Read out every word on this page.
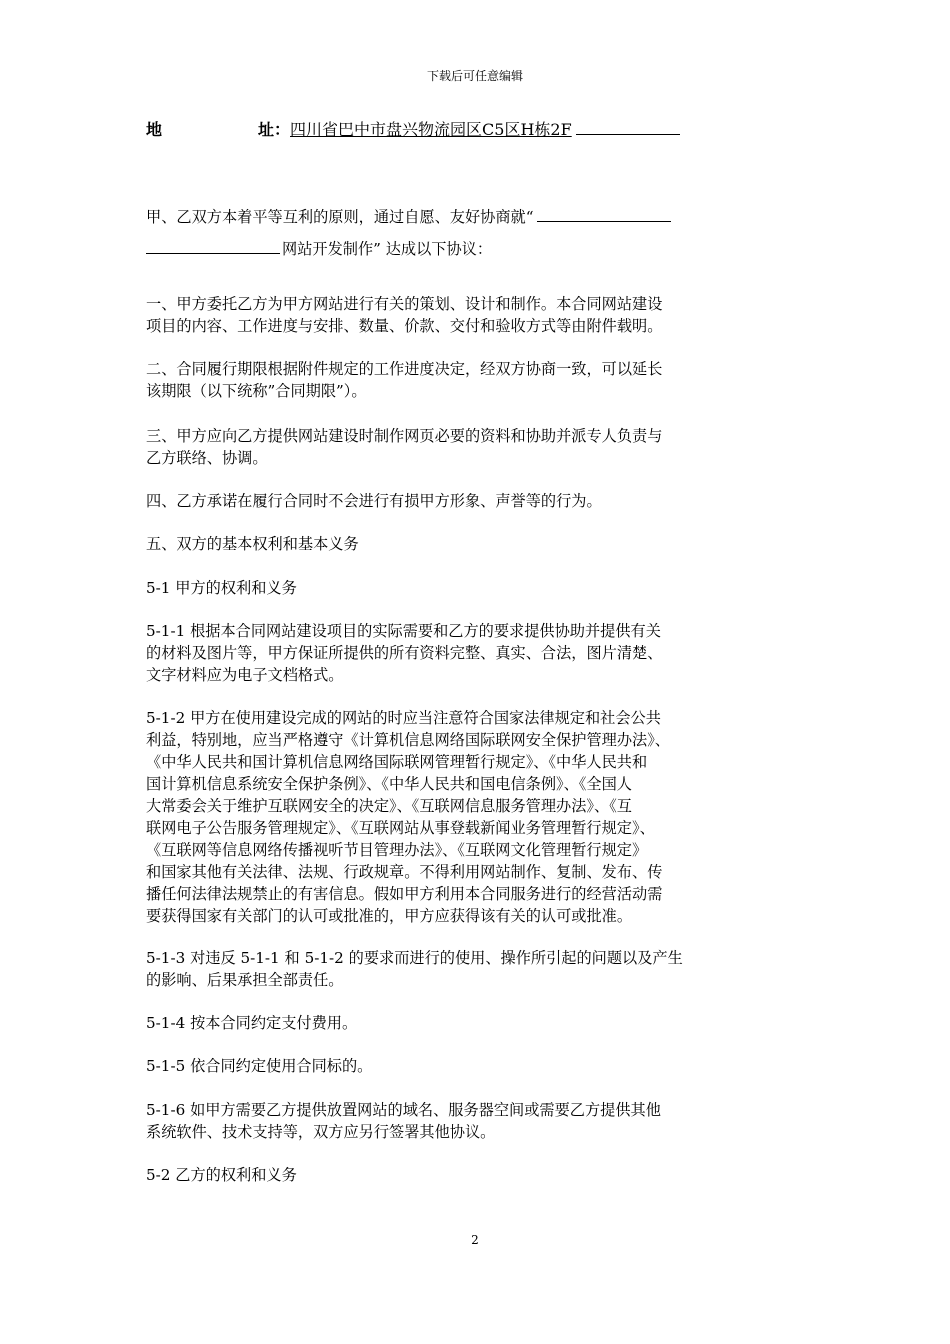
下载后可任意编辑
地	址：四川省巴中市盘兴物流园区C5区H栋2F
甲、乙双方本着平等互利的原则，通过自愿、友好协商就“
网站开发制作” 达成以下协议：
一、甲方委托乙方为甲方网站进行有关的策划、设计和制作。本合同网站建设
项目的内容、工作进度与安排、数量、价款、交付和验收方式等由附件载明。
二、合同履行期限根据附件规定的工作进度决定，经双方协商一致，可以延长
该期限（以下统称”合同期限”）。
三、甲方应向乙方提供网站建设时制作网页必要的资料和协助并派专人负责与
乙方联络、协调。
四、乙方承诺在履行合同时不会进行有损甲方形象、声誉等的行为。
五、双方的基本权利和基本义务
5-1 甲方的权利和义务
5-1-1 根据本合同网站建设项目的实际需要和乙方的要求提供协助并提供有关
的材料及图片等，甲方保证所提供的所有资料完整、真实、合法，图片清楚、
文字材料应为电子文档格式。
5-1-2 甲方在使用建设完成的网站的时应当注意符合国家法律规定和社会公共
利益，特别地，应当严格遵守《计算机信息网络国际联网安全保护管理办法》、
《中华人民共和国计算机信息网络国际联网管理暂行规定》、《中华人民共和
国计算机信息系统安全保护条例》、《中华人民共和国电信条例》、《全国人
大常委会关于维护互联网安全的决定》、《互联网信息服务管理办法》、《互
联网电子公告服务管理规定》、《互联网站从事登载新闻业务管理暂行规定》、
《互联网等信息网络传播视听节目管理办法》、《互联网文化管理暂行规定》
和国家其他有关法律、法规、行政规章。不得利用网站制作、复制、发布、传
播任何法律法规禁止的有害信息。假如甲方利用本合同服务进行的经营活动需
要获得国家有关部门的认可或批准的，甲方应获得该有关的认可或批准。
5-1-3 对违反 5-1-1 和 5-1-2 的要求而进行的使用、操作所引起的问题以及产生
的影响、后果承担全部责任。
5-1-4 按本合同约定支付费用。
5-1-5 依合同约定使用合同标的。
5-1-6 如甲方需要乙方提供放置网站的域名、服务器空间或需要乙方提供其他
系统软件、技术支持等，双方应另行签署其他协议。
5-2 乙方的权利和义务
2
